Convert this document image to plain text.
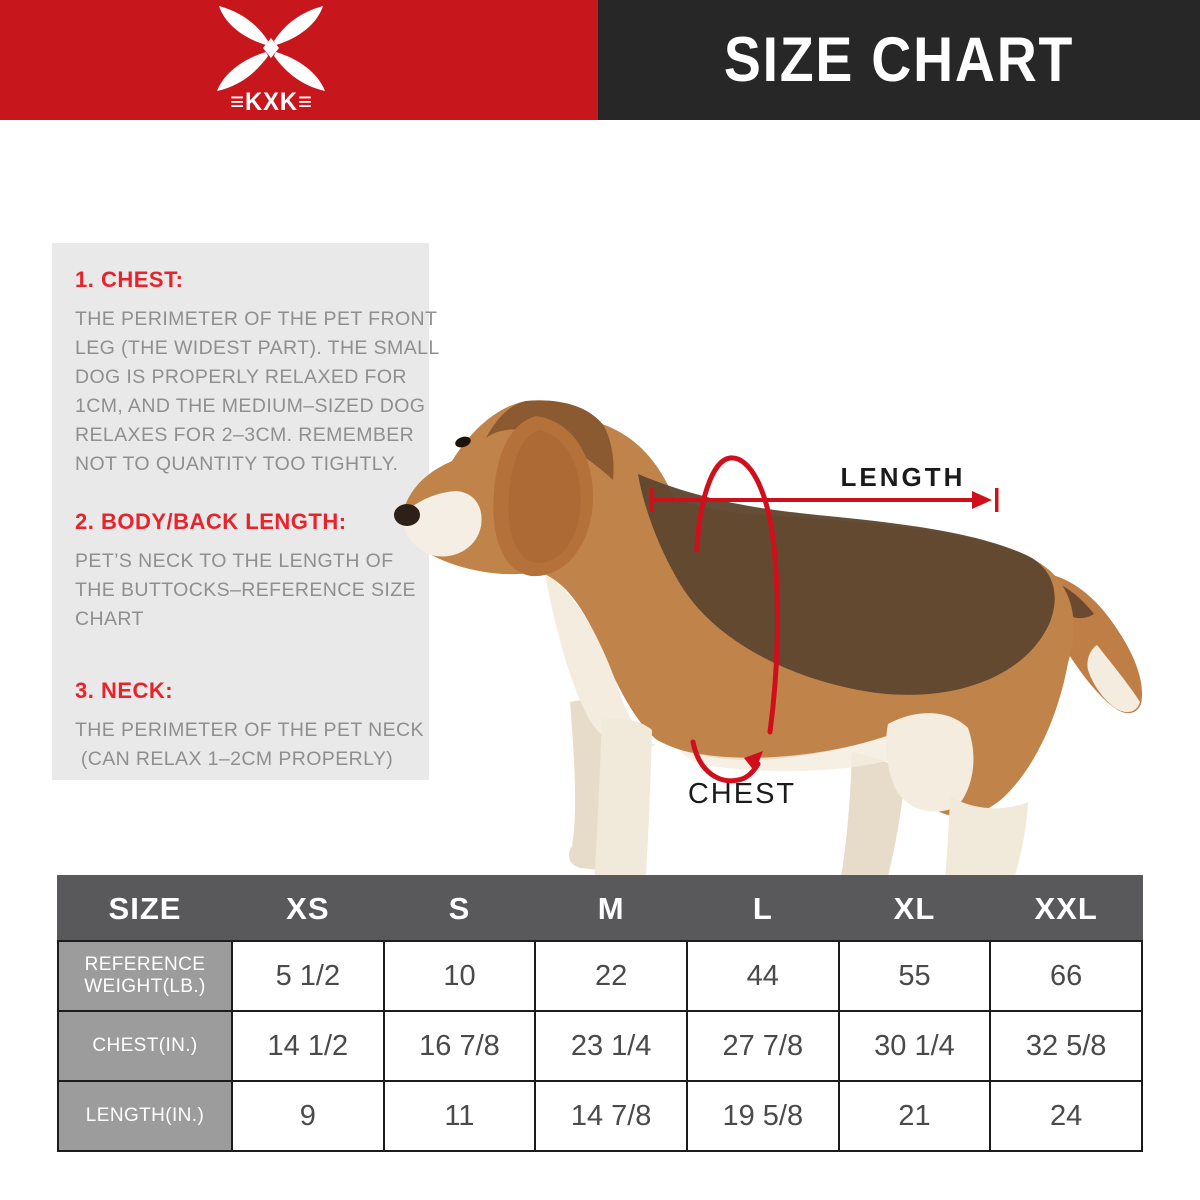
≡KXK≡
SIZE CHART
1. CHEST:
THE PERIMETER OF THE PET FRONT
LEG (THE WIDEST PART). THE SMALL
DOG IS PROPERLY RELAXED FOR
1CM, AND THE MEDIUM–SIZED DOG
RELAXES FOR 2–3CM. REMEMBER
NOT TO QUANTITY TOO TIGHTLY.
2. BODY/BACK LENGTH:
PET’S NECK TO THE LENGTH OF
THE BUTTOCKS–REFERENCE SIZE
CHART
3. NECK:
THE PERIMETER OF THE PET NECK
(CAN RELAX 1–2CM PROPERLY)
LENGTH
CHEST
SIZE	XS	S	M	L	XL	XXL
REFERENCE WEIGHT(LB.)	5 1/2	10	22	44	55	66
CHEST(IN.)	14 1/2	16 7/8	23 1/4	27 7/8	30 1/4	32 5/8
LENGTH(IN.)	9	11	14 7/8	19 5/8	21	24
